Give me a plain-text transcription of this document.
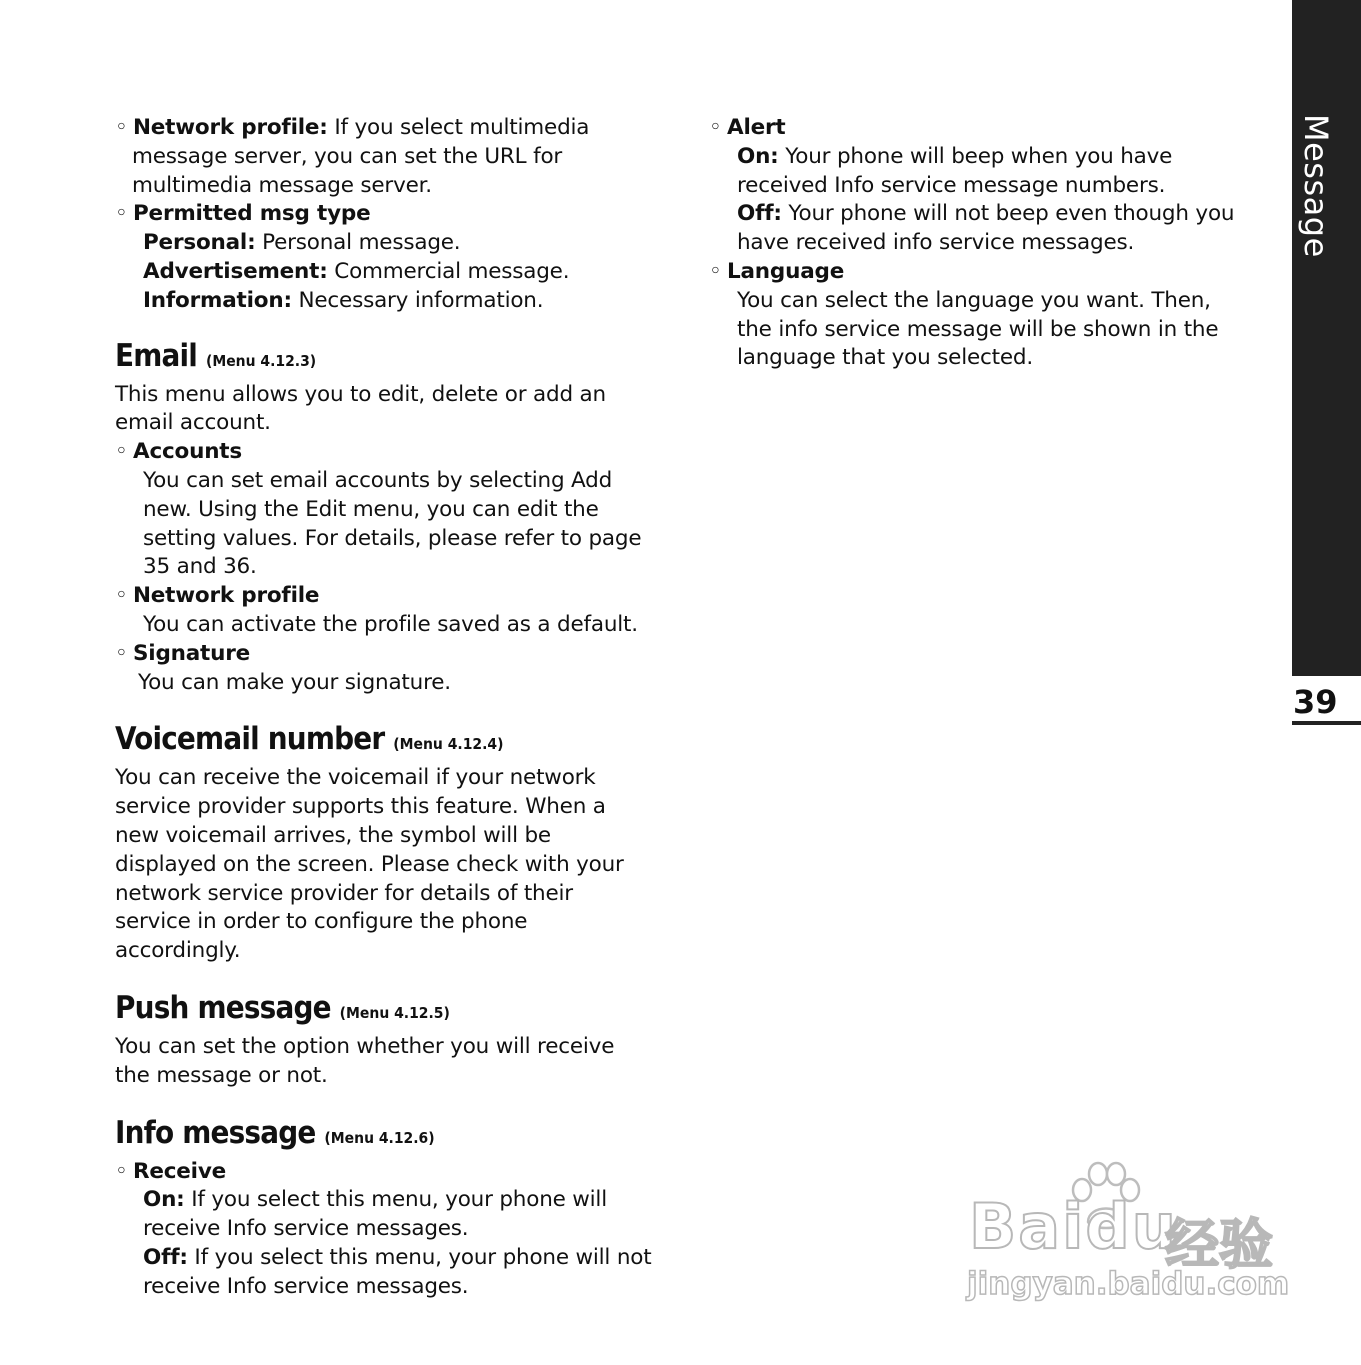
◦ Network profile: If you select multimedia
message server, you can set the URL for
multimedia message server.
◦ Permitted msg type
Personal: Personal message.
Advertisement: Commercial message.
Information: Necessary information.
Email (Menu 4.12.3)
This menu allows you to edit, delete or add an
email account.
◦ Accounts
You can set email accounts by selecting Add
new. Using the Edit menu, you can edit the
setting values. For details, please refer to page
35 and 36.
◦ Network profile
You can activate the profile saved as a default.
◦ Signature
You can make your signature.
Voicemail number (Menu 4.12.4)
You can receive the voicemail if your network
service provider supports this feature. When a
new voicemail arrives, the symbol will be
displayed on the screen. Please check with your
network service provider for details of their
service in order to configure the phone
accordingly.
Push message (Menu 4.12.5)
You can set the option whether you will receive
the message or not.
Info message (Menu 4.12.6)
◦ Receive
On: If you select this menu, your phone will
receive Info service messages.
Off: If you select this menu, your phone will not
receive Info service messages.
◦ Alert
On: Your phone will beep when you have
received Info service message numbers.
Off: Your phone will not beep even though you
have received info service messages.
◦ Language
You can select the language you want. Then,
the info service message will be shown in the
language that you selected.
Message
39
Baidu
经验
jingyan.baidu.com
